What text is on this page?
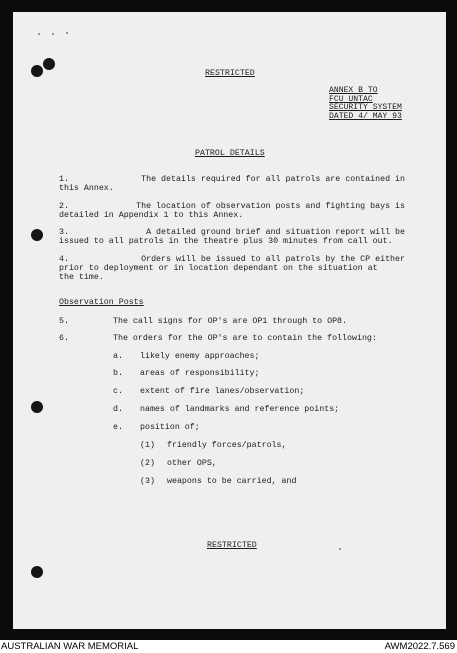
RESTRICTED
ANNEX B TO
FCU UNTAC
SECURITY SYSTEM
DATED 4/ MAY 93
PATROL DETAILS
1.	The details required for all patrols are contained in
this Annex.
2.	The location of observation posts and fighting bays is
detailed in Appendix 1 to this Annex.
3.	A detailed ground brief and situation report will be
issued to all patrols in the theatre plus 30 minutes from call out.
4.	Orders will be issued to all patrols by the CP either
prior to deployment or in location dependant on the situation at
the time.
Observation Posts
5.	The call signs for OP's are OP1 through to OP8.
6.	The orders for the OP's are to contain the following:
a. likely enemy approaches;
b. areas of responsibility;
c. extent of fire lanes/observation;
d. names of landmarks and reference points;
e. position of;
(1) friendly forces/patrols,
(2) other OPS,
(3) weapons to be carried, and
RESTRICTED
AUSTRALIAN WAR MEMORIAL	AWM2022.7.569
